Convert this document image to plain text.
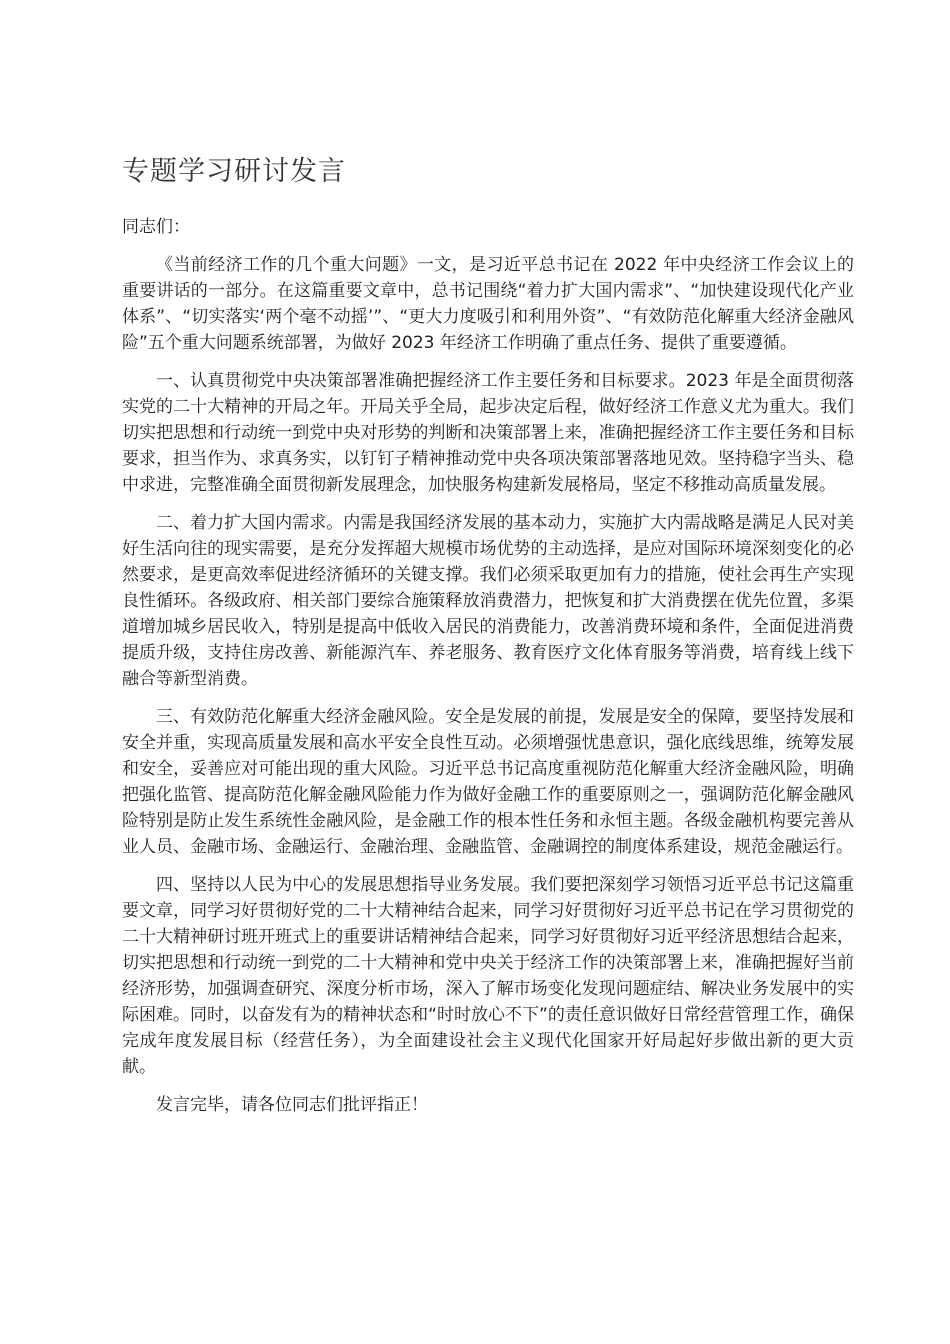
专题学习研讨发言

同志们：

《当前经济工作的几个重大问题》一文，是习近平总书记在 2022 年中央经济工作会议上的重要讲话的一部分。在这篇重要文章中，总书记围绕“着力扩大国内需求”、“加快建设现代化产业体系”、“切实落实‘两个毫不动摇’”、“更大力度吸引和利用外资”、“有效防范化解重大经济金融风险”五个重大问题系统部署，为做好 2023 年经济工作明确了重点任务、提供了重要遵循。

一、认真贯彻党中央决策部署准确把握经济工作主要任务和目标要求。2023 年是全面贯彻落实党的二十大精神的开局之年。开局关乎全局，起步决定后程，做好经济工作意义尤为重大。我们切实把思想和行动统一到党中央对形势的判断和决策部署上来，准确把握经济工作主要任务和目标要求，担当作为、求真务实，以钉钉子精神推动党中央各项决策部署落地见效。坚持稳字当头、稳中求进，完整准确全面贯彻新发展理念，加快服务构建新发展格局，坚定不移推动高质量发展。

二、着力扩大国内需求。内需是我国经济发展的基本动力，实施扩大内需战略是满足人民对美好生活向往的现实需要，是充分发挥超大规模市场优势的主动选择，是应对国际环境深刻变化的必然要求，是更高效率促进经济循环的关键支撑。我们必须采取更加有力的措施，使社会再生产实现良性循环。各级政府、相关部门要综合施策释放消费潜力，把恢复和扩大消费摆在优先位置，多渠道增加城乡居民收入，特别是提高中低收入居民的消费能力，改善消费环境和条件，全面促进消费提质升级，支持住房改善、新能源汽车、养老服务、教育医疗文化体育服务等消费，培育线上线下融合等新型消费。

三、有效防范化解重大经济金融风险。安全是发展的前提，发展是安全的保障，要坚持发展和安全并重，实现高质量发展和高水平安全良性互动。必须增强忧患意识，强化底线思维，统筹发展和安全，妥善应对可能出现的重大风险。习近平总书记高度重视防范化解重大经济金融风险，明确把强化监管、提高防范化解金融风险能力作为做好金融工作的重要原则之一，强调防范化解金融风险特别是防止发生系统性金融风险，是金融工作的根本性任务和永恒主题。各级金融机构要完善从业人员、金融市场、金融运行、金融治理、金融监管、金融调控的制度体系建设，规范金融运行。

四、坚持以人民为中心的发展思想指导业务发展。我们要把深刻学习领悟习近平总书记这篇重要文章，同学习好贯彻好党的二十大精神结合起来，同学习好贯彻好习近平总书记在学习贯彻党的二十大精神研讨班开班式上的重要讲话精神结合起来，同学习好贯彻好习近平经济思想结合起来，切实把思想和行动统一到党的二十大精神和党中央关于经济工作的决策部署上来，准确把握好当前经济形势，加强调查研究、深度分析市场，深入了解市场变化发现问题症结、解决业务发展中的实际困难。同时，以奋发有为的精神状态和“时时放心不下”的责任意识做好日常经营管理工作，确保完成年度发展目标（经营任务），为全面建设社会主义现代化国家开好局起好步做出新的更大贡献。

发言完毕，请各位同志们批评指正！
